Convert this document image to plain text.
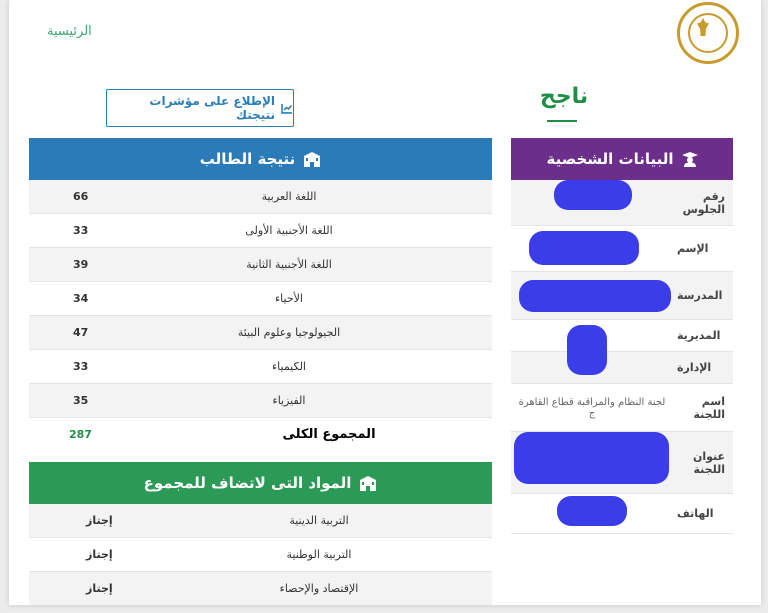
الرئيسية
الإطلاع على مؤشرات نتيجتك
ناجح
نتيجة الطالب
اللغة العربية
66
اللغة الأجنبية الأولى
33
اللغة الأجنبية الثانية
39
الأحياء
34
الجيولوجيا وعلوم البيئة
47
الكيمياء
33
الفيزياء
35
المجموع الكلى
287
المواد التى لاتضاف للمجموع
التربية الدينية
إجتاز
التربية الوطنية
إجتاز
الإقتصاد والإحصاء
إجتاز
البيانات الشخصية
رقم الجلوس
الإسم
المدرسة
المديرية
الإدارة
اسم اللجنة
لجنة النظام والمراقبة قطاع القاهرة ج
عنوان اللجنة
الهاتف
